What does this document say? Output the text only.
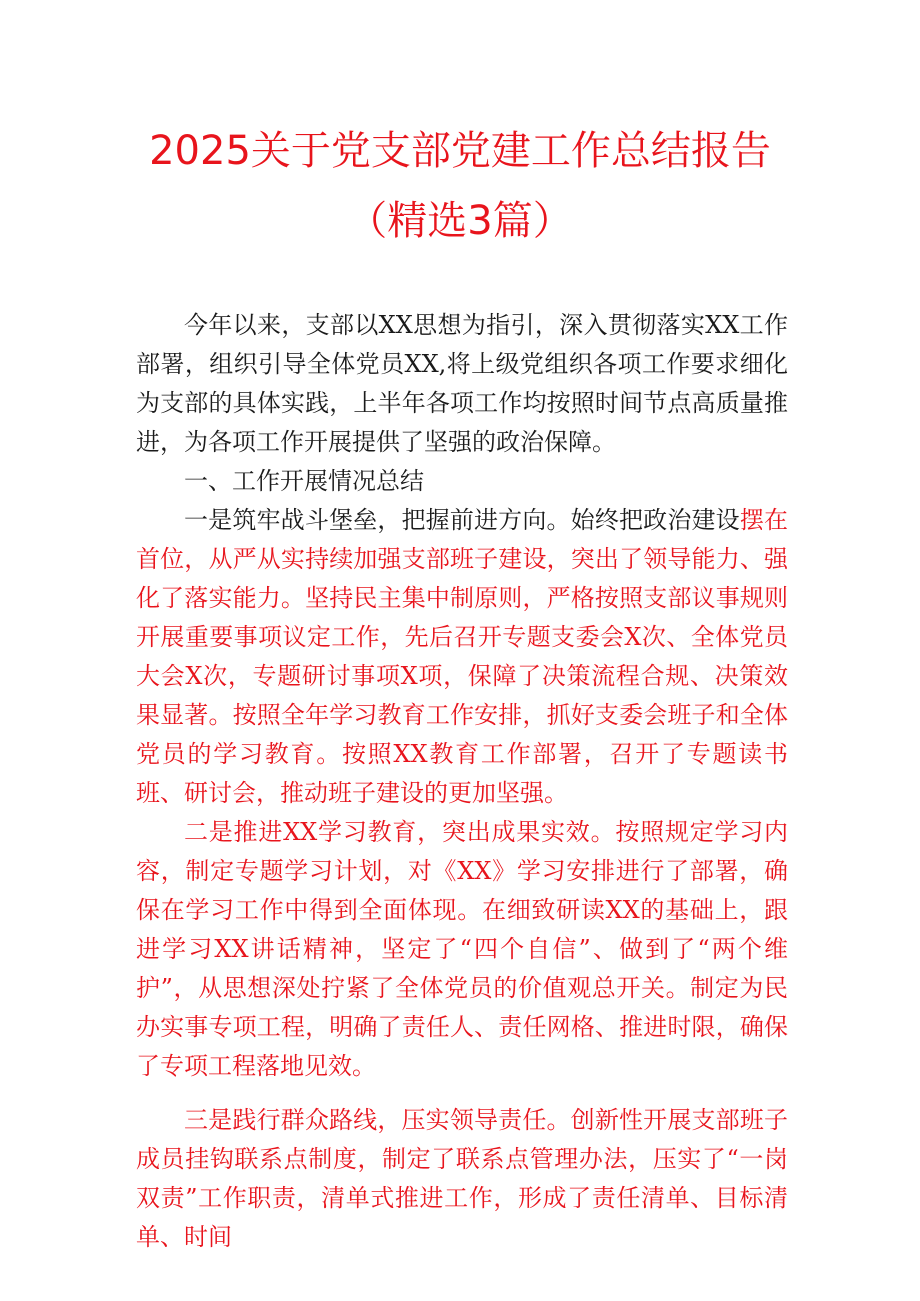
2025关于党支部党建工作总结报告
（精选3篇）

今年以来，支部以XX思想为指引，深入贯彻落实XX工作部署，组织引导全体党员XX,将上级党组织各项工作要求细化为支部的具体实践，上半年各项工作均按照时间节点高质量推进，为各项工作开展提供了坚强的政治保障。

一、工作开展情况总结

一是筑牢战斗堡垒，把握前进方向。始终把政治建设摆在首位，从严从实持续加强支部班子建设，突出了领导能力、强化了落实能力。坚持民主集中制原则，严格按照支部议事规则开展重要事项议定工作，先后召开专题支委会X次、全体党员大会X次，专题研讨事项X项，保障了决策流程合规、决策效果显著。按照全年学习教育工作安排，抓好支委会班子和全体党员的学习教育。按照XX教育工作部署，召开了专题读书班、研讨会，推动班子建设的更加坚强。

二是推进XX学习教育，突出成果实效。按照规定学习内容，制定专题学习计划，对《XX》学习安排进行了部署，确保在学习工作中得到全面体现。在细致研读XX的基础上，跟进学习XX讲话精神，坚定了“四个自信”、做到了“两个维护”，从思想深处拧紧了全体党员的价值观总开关。制定为民办实事专项工程，明确了责任人、责任网格、推进时限，确保了专项工程落地见效。

三是践行群众路线，压实领导责任。创新性开展支部班子成员挂钩联系点制度，制定了联系点管理办法，压实了“一岗双责”工作职责，清单式推进工作，形成了责任清单、目标清单、时间
